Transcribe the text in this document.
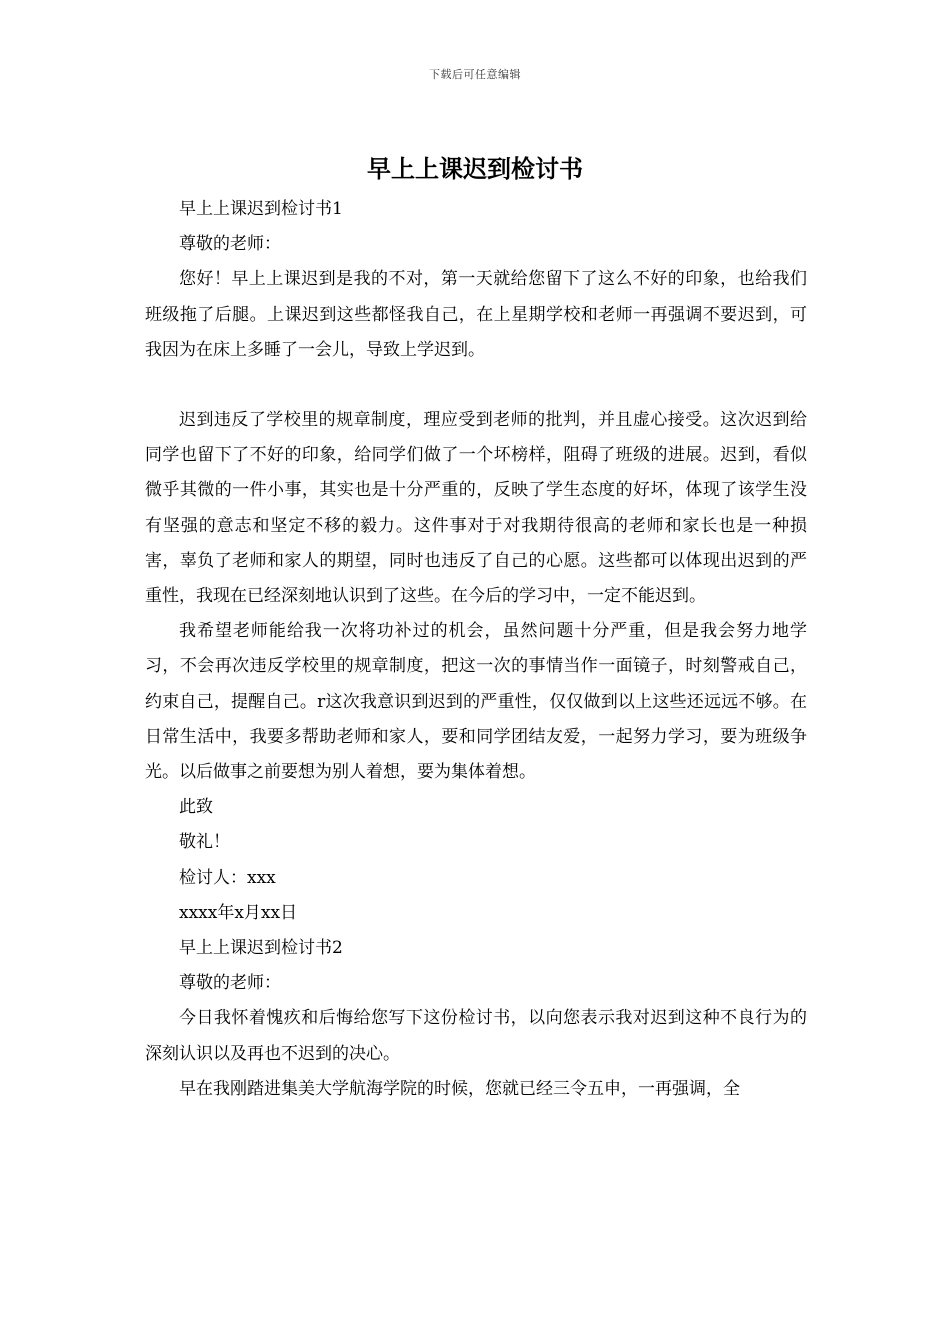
下载后可任意编辑
早上上课迟到检讨书

早上上课迟到检讨书1

尊敬的老师：

您好！早上上课迟到是我的不对，第一天就给您留下了这么不好的印象，也给我们班级拖了后腿。上课迟到这些都怪我自己，在上星期学校和老师一再强调不要迟到，可我因为在床上多睡了一会儿，导致上学迟到。

迟到违反了学校里的规章制度，理应受到老师的批判，并且虚心接受。这次迟到给同学也留下了不好的印象，给同学们做了一个坏榜样，阻碍了班级的进展。迟到，看似微乎其微的一件小事，其实也是十分严重的，反映了学生态度的好坏，体现了该学生没有坚强的意志和坚定不移的毅力。这件事对于对我期待很高的老师和家长也是一种损害，辜负了老师和家人的期望，同时也违反了自己的心愿。这些都可以体现出迟到的严重性，我现在已经深刻地认识到了这些。在今后的学习中，一定不能迟到。

我希望老师能给我一次将功补过的机会，虽然问题十分严重，但是我会努力地学习，不会再次违反学校里的规章制度，把这一次的事情当作一面镜子，时刻警戒自己，约束自己，提醒自己。r这次我意识到迟到的严重性，仅仅做到以上这些还远远不够。在日常生活中，我要多帮助老师和家人，要和同学团结友爱，一起努力学习，要为班级争光。以后做事之前要想为别人着想，要为集体着想。

此致

敬礼！

检讨人：xxx

xxxx年x月xx日

早上上课迟到检讨书2

尊敬的老师：

今日我怀着愧疚和后悔给您写下这份检讨书，以向您表示我对迟到这种不良行为的深刻认识以及再也不迟到的决心。

早在我刚踏进集美大学航海学院的时候，您就已经三令五申，一再强调，全
